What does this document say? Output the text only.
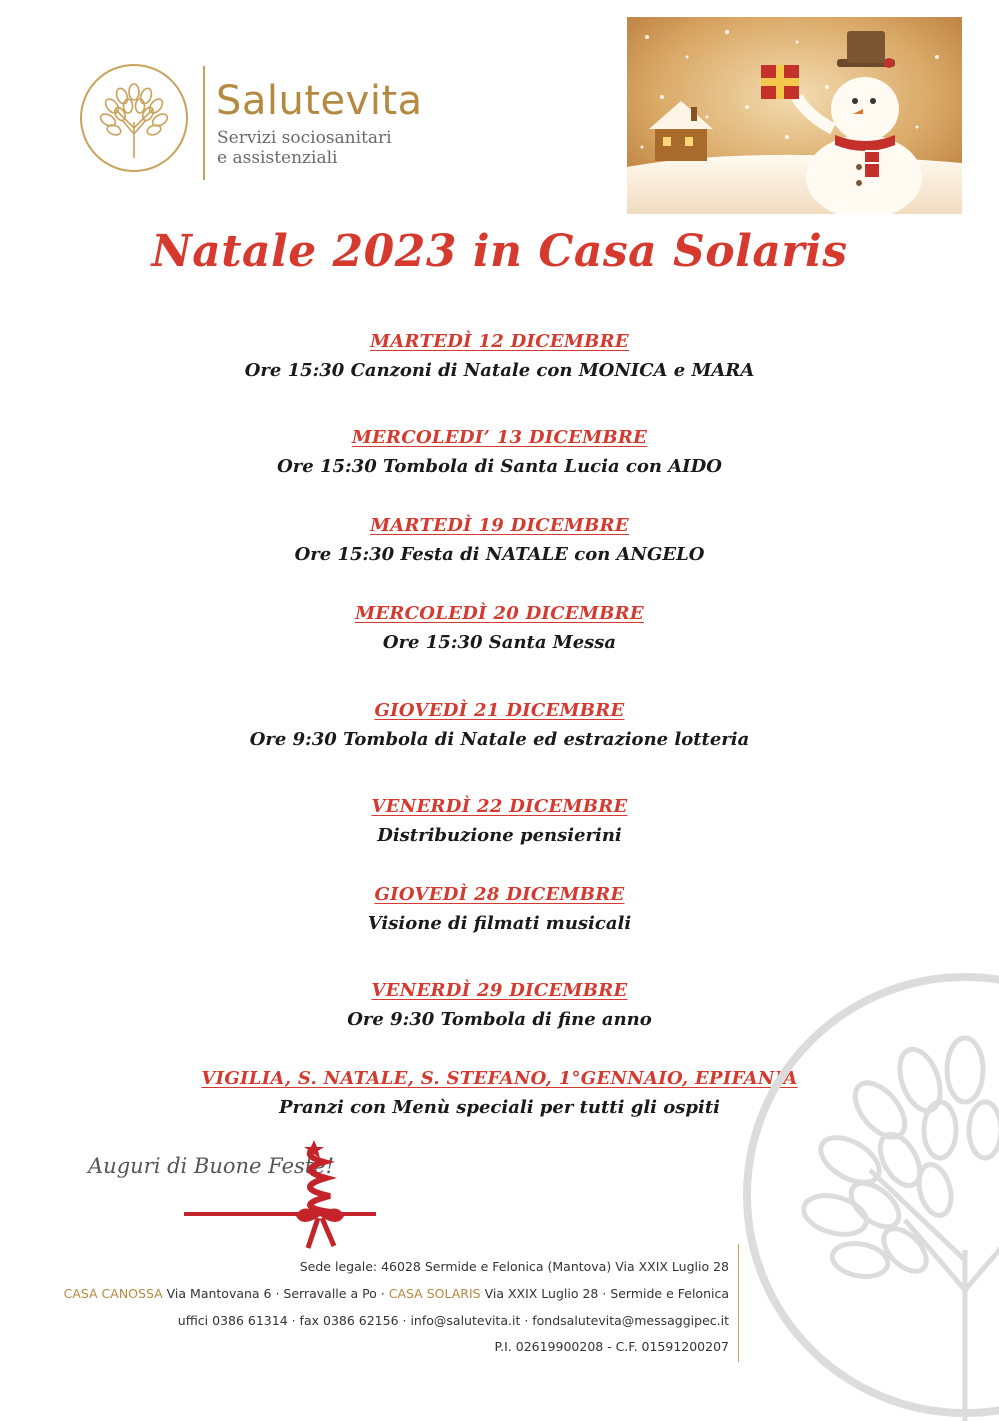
Salutevita
Servizi sociosanitari
e assistenziali
Natale 2023 in Casa Solaris
MARTEDÌ 12 DICEMBRE
Ore 15:30 Canzoni di Natale con MONICA e MARA
MERCOLEDI’ 13 DICEMBRE
Ore 15:30 Tombola di Santa Lucia con AIDO
MARTEDÌ 19 DICEMBRE
Ore 15:30 Festa di NATALE con ANGELO
MERCOLEDÌ 20 DICEMBRE
Ore 15:30 Santa Messa
GIOVEDÌ 21 DICEMBRE
Ore 9:30 Tombola di Natale ed estrazione lotteria
VENERDÌ 22 DICEMBRE
Distribuzione pensierini
GIOVEDÌ 28 DICEMBRE
Visione di filmati musicali
VENERDÌ 29 DICEMBRE
Ore 9:30 Tombola di fine anno
VIGILIA, S. NATALE, S. STEFANO, 1°GENNAIO, EPIFANIA
Pranzi con Menù speciali per tutti gli ospiti
Auguri di Buone Feste!
Sede legale: 46028 Sermide e Felonica (Mantova) Via XXIX Luglio 28
CASA CANOSSA Via Mantovana 6 · Serravalle a Po · CASA SOLARIS Via XXIX Luglio 28 · Sermide e Felonica
uffici 0386 61314 · fax 0386 62156 · info@salutevita.it · fondsalutevita@messaggipec.it
P.I. 02619900208 - C.F. 01591200207
